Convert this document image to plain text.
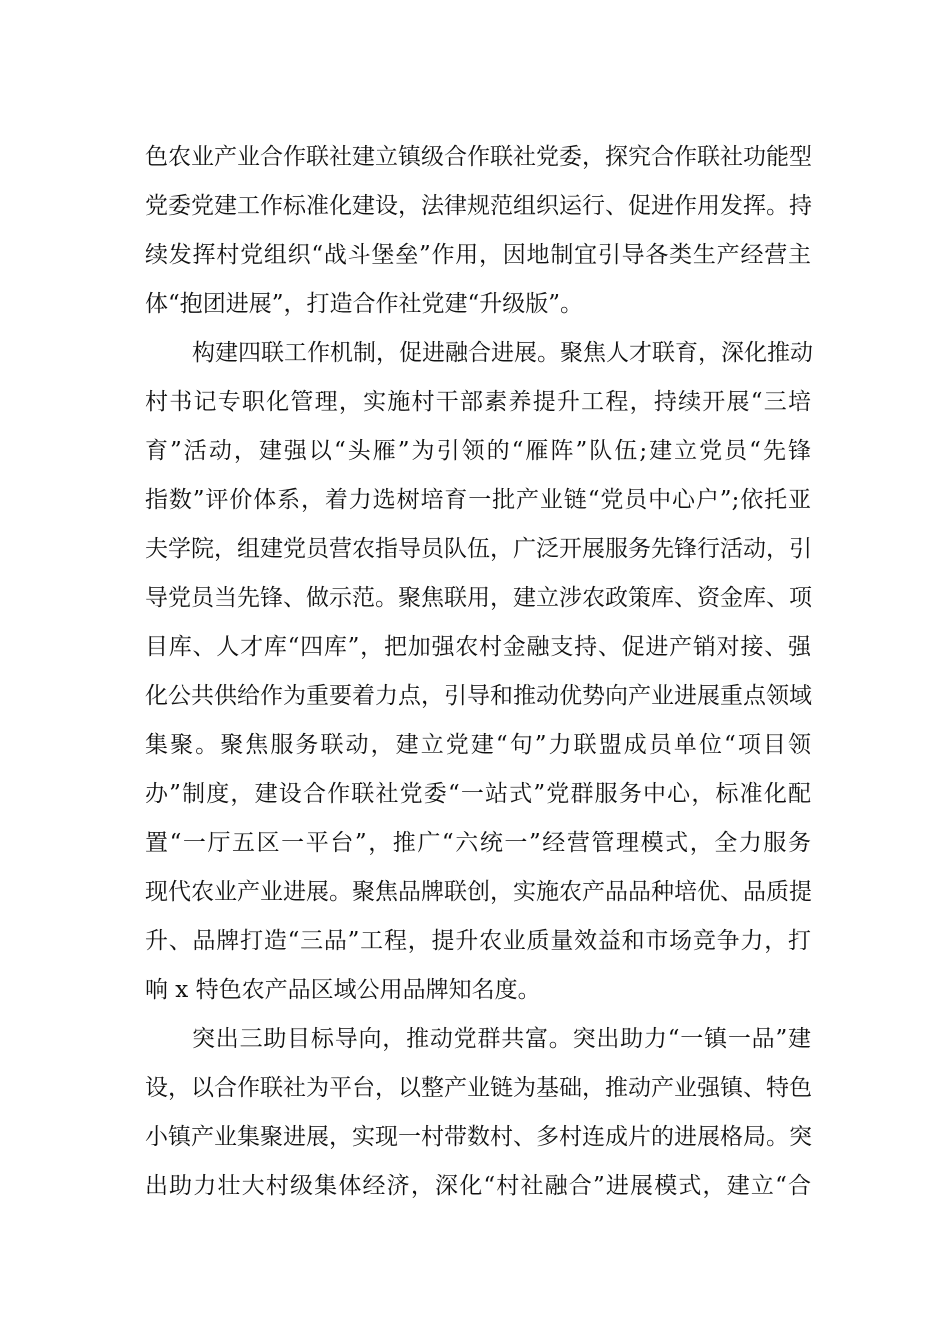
色农业产业合作联社建立镇级合作联社党委，探究合作联社功能型
党委党建工作标准化建设，法律规范组织运行、促进作用发挥。持
续发挥村党组织“战斗堡垒”作用，因地制宜引导各类生产经营主
体“抱团进展”，打造合作社党建“升级版”。
构建四联工作机制，促进融合进展。聚焦人才联育，深化推动
村书记专职化管理，实施村干部素养提升工程，持续开展“三培
育”活动，建强以“头雁”为引领的“雁阵”队伍;建立党员“先锋
指数”评价体系，着力选树培育一批产业链“党员中心户”;依托亚
夫学院，组建党员营农指导员队伍，广泛开展服务先锋行活动，引
导党员当先锋、做示范。聚焦联用，建立涉农政策库、资金库、项
目库、人才库“四库”，把加强农村金融支持、促进产销对接、强
化公共供给作为重要着力点，引导和推动优势向产业进展重点领域
集聚。聚焦服务联动，建立党建“句”力联盟成员单位“项目领
办”制度，建设合作联社党委“一站式”党群服务中心，标准化配
置“一厅五区一平台”，推广“六统一”经营管理模式，全力服务
现代农业产业进展。聚焦品牌联创，实施农产品品种培优、品质提
升、品牌打造“三品”工程，提升农业质量效益和市场竞争力，打
响 x 特色农产品区域公用品牌知名度。
突出三助目标导向，推动党群共富。突出助力“一镇一品”建
设，以合作联社为平台，以整产业链为基础，推动产业强镇、特色
小镇产业集聚进展，实现一村带数村、多村连成片的进展格局。突
出助力壮大村级集体经济，深化“村社融合”进展模式，建立“合
